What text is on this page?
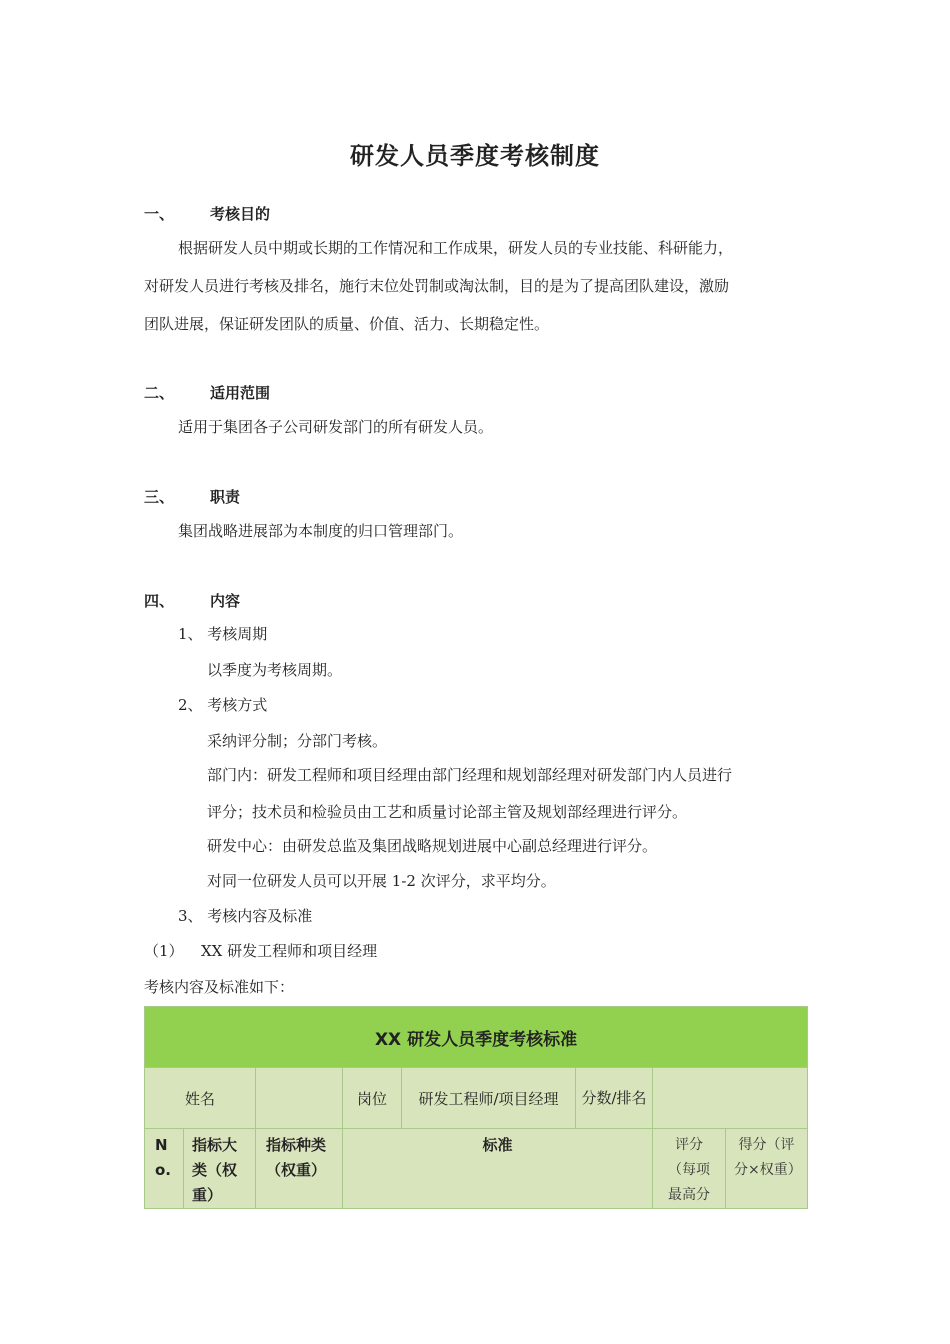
研发人员季度考核制度
一、 考核目的
根据研发人员中期或长期的工作情况和工作成果，研发人员的专业技能、科研能力，
对研发人员进行考核及排名，施行末位处罚制或淘汰制，目的是为了提高团队建设，激励
团队进展，保证研发团队的质量、价值、活力、长期稳定性。
二、 适用范围
适用于集团各子公司研发部门的所有研发人员。
三、 职责
集团战略进展部为本制度的归口管理部门。
四、 内容
1、 考核周期
以季度为考核周期。
2、 考核方式
采纳评分制；分部门考核。
部门内：研发工程师和项目经理由部门经理和规划部经理对研发部门内人员进行
评分；技术员和检验员由工艺和质量讨论部主管及规划部经理进行评分。
研发中心：由研发总监及集团战略规划进展中心副总经理进行评分。
对同一位研发人员可以开展 1-2 次评分，求平均分。
3、 考核内容及标准
（1） XX 研发工程师和项目经理
考核内容及标准如下：
XX 研发人员季度考核标准							
姓名			岗位	研发工程师/项目经理	分数/排名		
No.	指标大类（权重）	指标种类（权重）	标准			评分（每项最高分	得分（评分×权重）
